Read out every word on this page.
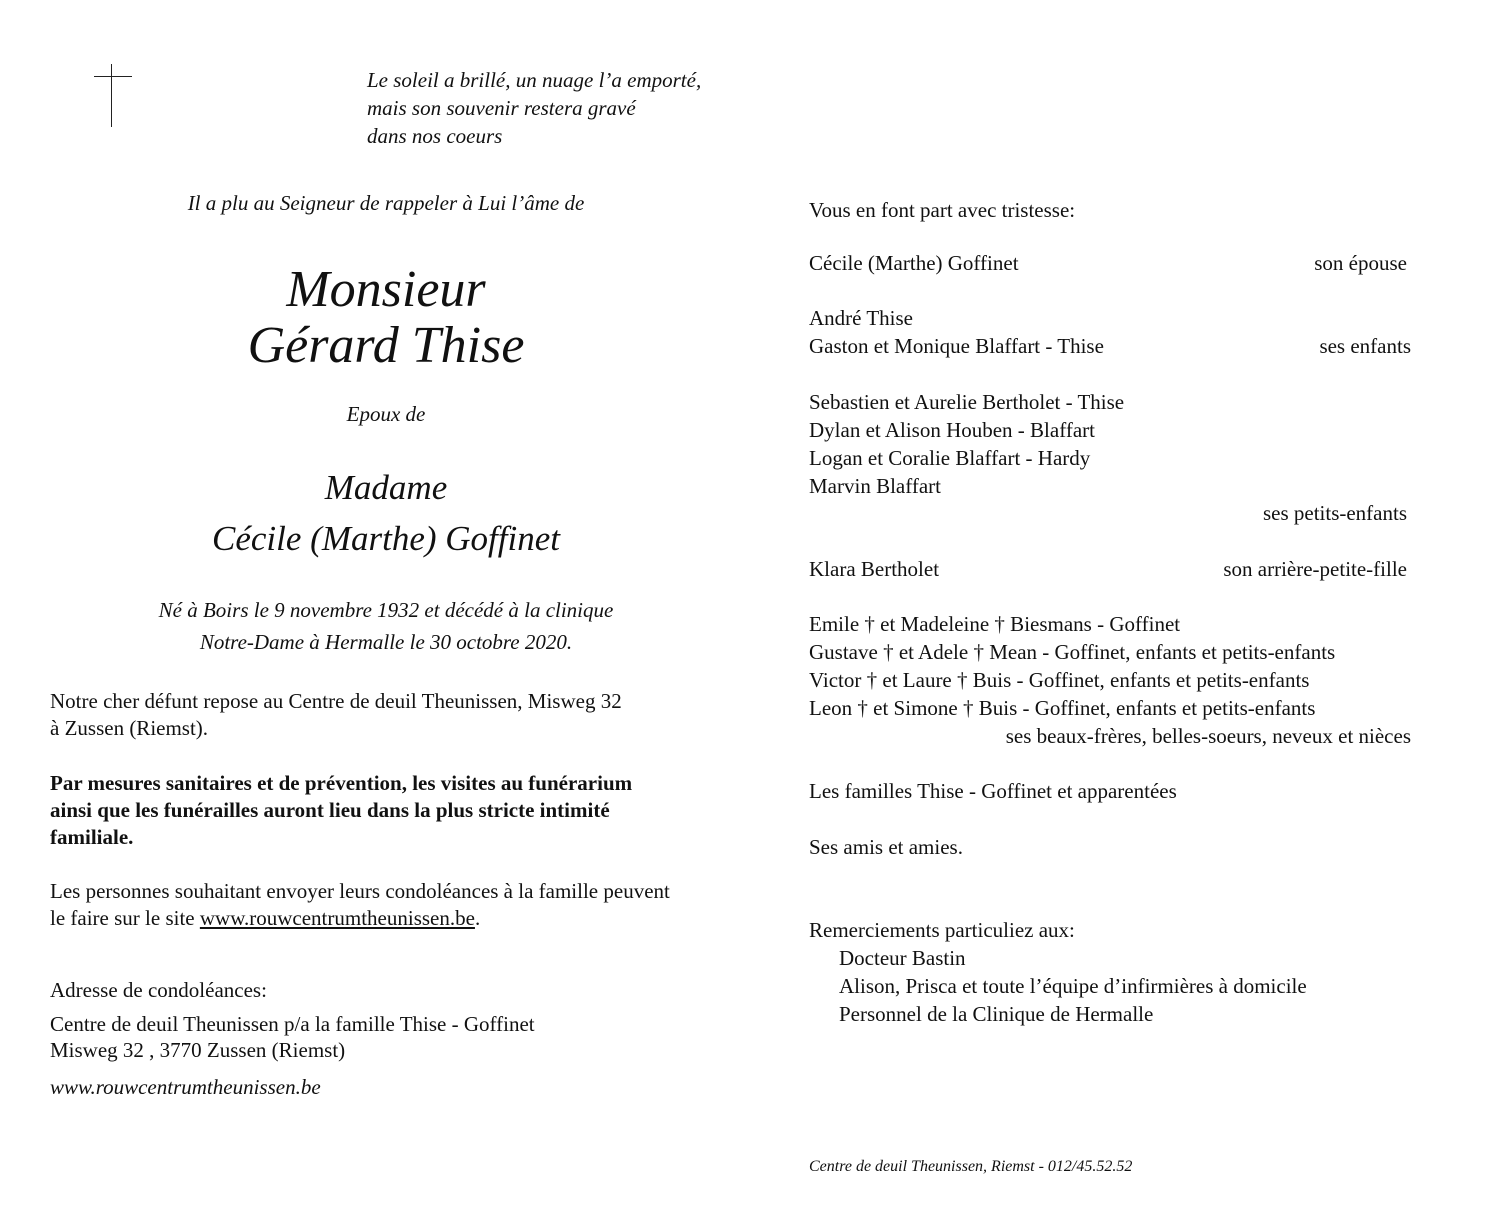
Le soleil a brillé, un nuage l’a emporté,
mais son souvenir restera gravé
dans nos coeurs
Il a plu au Seigneur de rappeler à Lui l’âme de
Monsieur
Gérard Thise
Epoux de
Madame
Cécile (Marthe) Goffinet
Né à Boirs le 9 novembre 1932 et décédé à la clinique
Notre-Dame à Hermalle le 30 octobre 2020.
Notre cher défunt repose au Centre de deuil Theunissen, Misweg 32
à Zussen (Riemst).
Par mesures sanitaires et de prévention, les visites au funérarium
ainsi que les funérailles auront lieu dans la plus stricte intimité
familiale.
Les personnes souhaitant envoyer leurs condoléances à la famille peuvent
le faire sur le site www.rouwcentrumtheunissen.be.
Adresse de condoléances:
Centre de deuil Theunissen p/a la famille Thise - Goffinet
Misweg 32 , 3770 Zussen (Riemst)
www.rouwcentrumtheunissen.be
Vous en font part avec tristesse:
Cécile (Marthe) Goffinet	son épouse
André Thise
Gaston et Monique Blaffart - Thise	ses enfants
Sebastien et Aurelie Bertholet - Thise
Dylan et Alison Houben - Blaffart
Logan et Coralie Blaffart - Hardy
Marvin Blaffart
ses petits-enfants
Klara Bertholet	son arrière-petite-fille
Emile † et Madeleine † Biesmans - Goffinet
Gustave † et Adele † Mean - Goffinet, enfants et petits-enfants
Victor † et Laure † Buis - Goffinet, enfants et petits-enfants
Leon † et Simone † Buis - Goffinet, enfants et petits-enfants
ses beaux-frères, belles-soeurs, neveux et nièces
Les familles Thise - Goffinet et apparentées
Ses amis et amies.
Remerciements particuliez aux:
Docteur Bastin
Alison, Prisca et toute l’équipe d’infirmières à domicile
Personnel de la Clinique de Hermalle
Centre de deuil Theunissen, Riemst - 012/45.52.52
